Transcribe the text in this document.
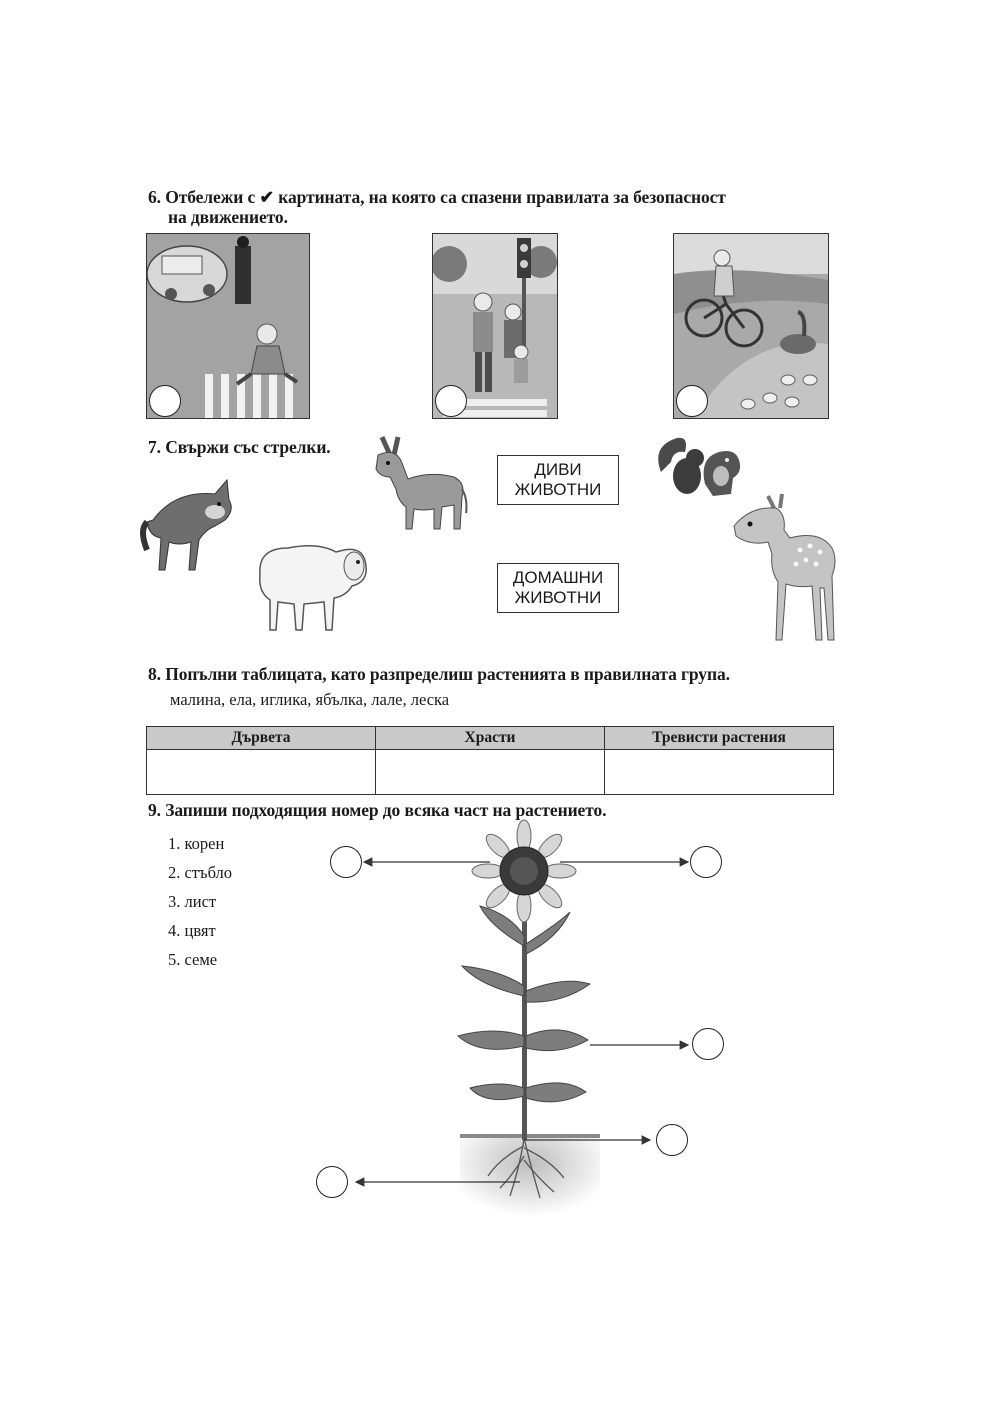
6. Отбележи с ✔ картината, на която са спазени правилата за безопасност
на движението.
7. Свържи със стрелки.
ДИВИ
ЖИВОТНИ
ДОМАШНИ
ЖИВОТНИ
8. Попълни таблицата, като разпределиш растенията в правилната група.
малина, ела, иглика, ябълка, лале, леска
Дървета	Храсти	Тревисти растения

9. Запиши подходящия номер до всяка част на растението.
1. корен
2. стъбло
3. лист
4. цвят
5. семе
